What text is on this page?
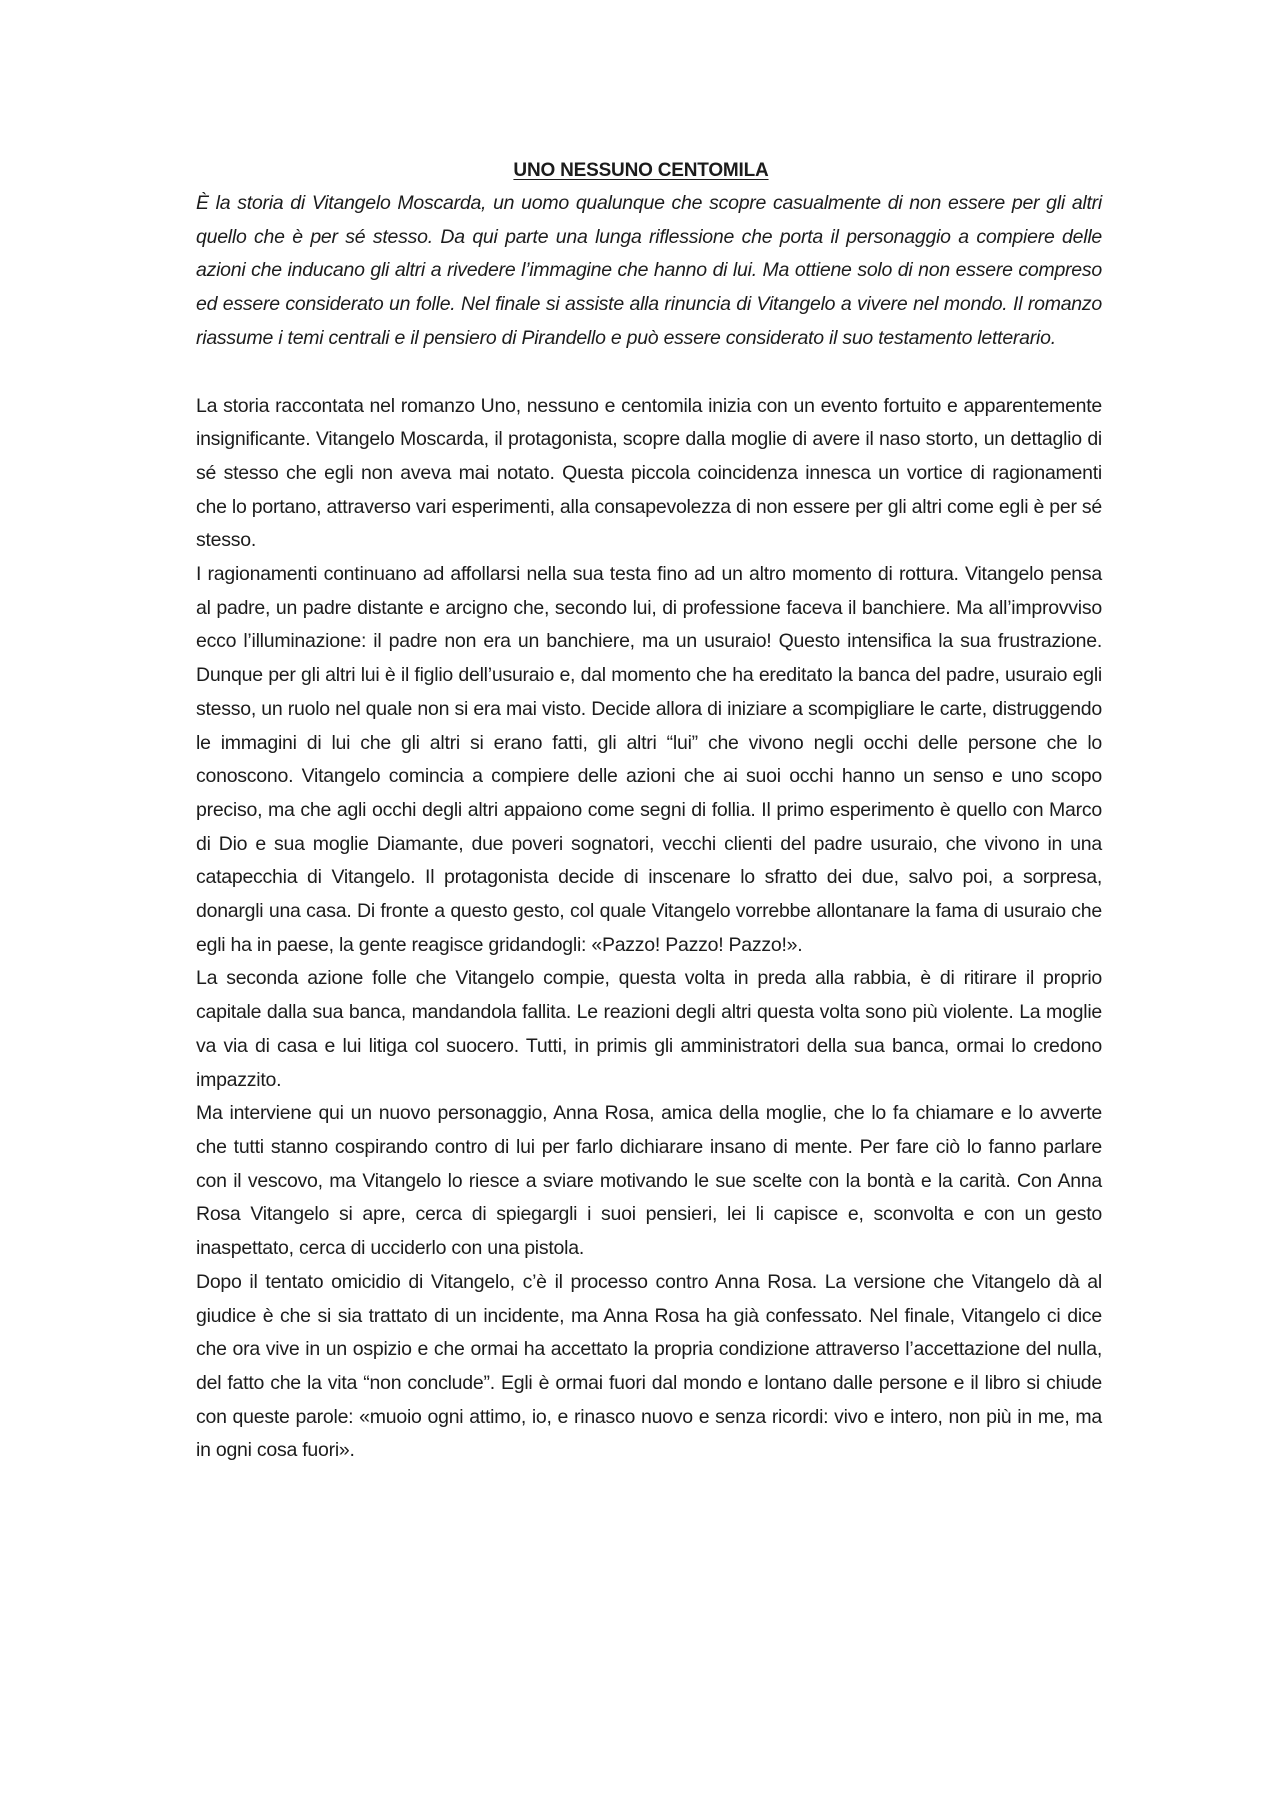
UNO NESSUNO CENTOMILA

È la storia di Vitangelo Moscarda, un uomo qualunque che scopre casualmente di non essere per gli altri quello che è per sé stesso. Da qui parte una lunga riflessione che porta il personaggio a compiere delle azioni che inducano gli altri a rivedere l’immagine che hanno di lui. Ma ottiene solo di non essere compreso ed essere considerato un folle. Nel finale si assiste alla rinuncia di Vitangelo a vivere nel mondo. Il romanzo riassume i temi centrali e il pensiero di Pirandello e può essere considerato il suo testamento letterario.

La storia raccontata nel romanzo Uno, nessuno e centomila inizia con un evento fortuito e apparentemente insignificante. Vitangelo Moscarda, il protagonista, scopre dalla moglie di avere il naso storto, un dettaglio di sé stesso che egli non aveva mai notato. Questa piccola coincidenza innesca un vortice di ragionamenti che lo portano, attraverso vari esperimenti, alla consapevolezza di non essere per gli altri come egli è per sé stesso.

I ragionamenti continuano ad affollarsi nella sua testa fino ad un altro momento di rottura. Vitangelo pensa al padre, un padre distante e arcigno che, secondo lui, di professione faceva il banchiere. Ma all’improvviso ecco l’illuminazione: il padre non era un banchiere, ma un usuraio! Questo intensifica la sua frustrazione. Dunque per gli altri lui è il figlio dell’usuraio e, dal momento che ha ereditato la banca del padre, usuraio egli stesso, un ruolo nel quale non si era mai visto. Decide allora di iniziare a scompigliare le carte, distruggendo le immagini di lui che gli altri si erano fatti, gli altri “lui” che vivono negli occhi delle persone che lo conoscono. Vitangelo comincia a compiere delle azioni che ai suoi occhi hanno un senso e uno scopo preciso, ma che agli occhi degli altri appaiono come segni di follia. Il primo esperimento è quello con Marco di Dio e sua moglie Diamante, due poveri sognatori, vecchi clienti del padre usuraio, che vivono in una catapecchia di Vitangelo. Il protagonista decide di inscenare lo sfratto dei due, salvo poi, a sorpresa, donargli una casa. Di fronte a questo gesto, col quale Vitangelo vorrebbe allontanare la fama di usuraio che egli ha in paese, la gente reagisce gridandogli: «Pazzo! Pazzo! Pazzo!».

La seconda azione folle che Vitangelo compie, questa volta in preda alla rabbia, è di ritirare il proprio capitale dalla sua banca, mandandola fallita. Le reazioni degli altri questa volta sono più violente. La moglie va via di casa e lui litiga col suocero. Tutti, in primis gli amministratori della sua banca, ormai lo credono impazzito.

Ma interviene qui un nuovo personaggio, Anna Rosa, amica della moglie, che lo fa chiamare e lo avverte che tutti stanno cospirando contro di lui per farlo dichiarare insano di mente. Per fare ciò lo fanno parlare con il vescovo, ma Vitangelo lo riesce a sviare motivando le sue scelte con la bontà e la carità. Con Anna Rosa Vitangelo si apre, cerca di spiegargli i suoi pensieri, lei li capisce e, sconvolta e con un gesto inaspettato, cerca di ucciderlo con una pistola.

Dopo il tentato omicidio di Vitangelo, c’è il processo contro Anna Rosa. La versione che Vitangelo dà al giudice è che si sia trattato di un incidente, ma Anna Rosa ha già confessato. Nel finale, Vitangelo ci dice che ora vive in un ospizio e che ormai ha accettato la propria condizione attraverso l’accettazione del nulla, del fatto che la vita “non conclude”. Egli è ormai fuori dal mondo e lontano dalle persone e il libro si chiude con queste parole: «muoio ogni attimo, io, e rinasco nuovo e senza ricordi: vivo e intero, non più in me, ma in ogni cosa fuori».
